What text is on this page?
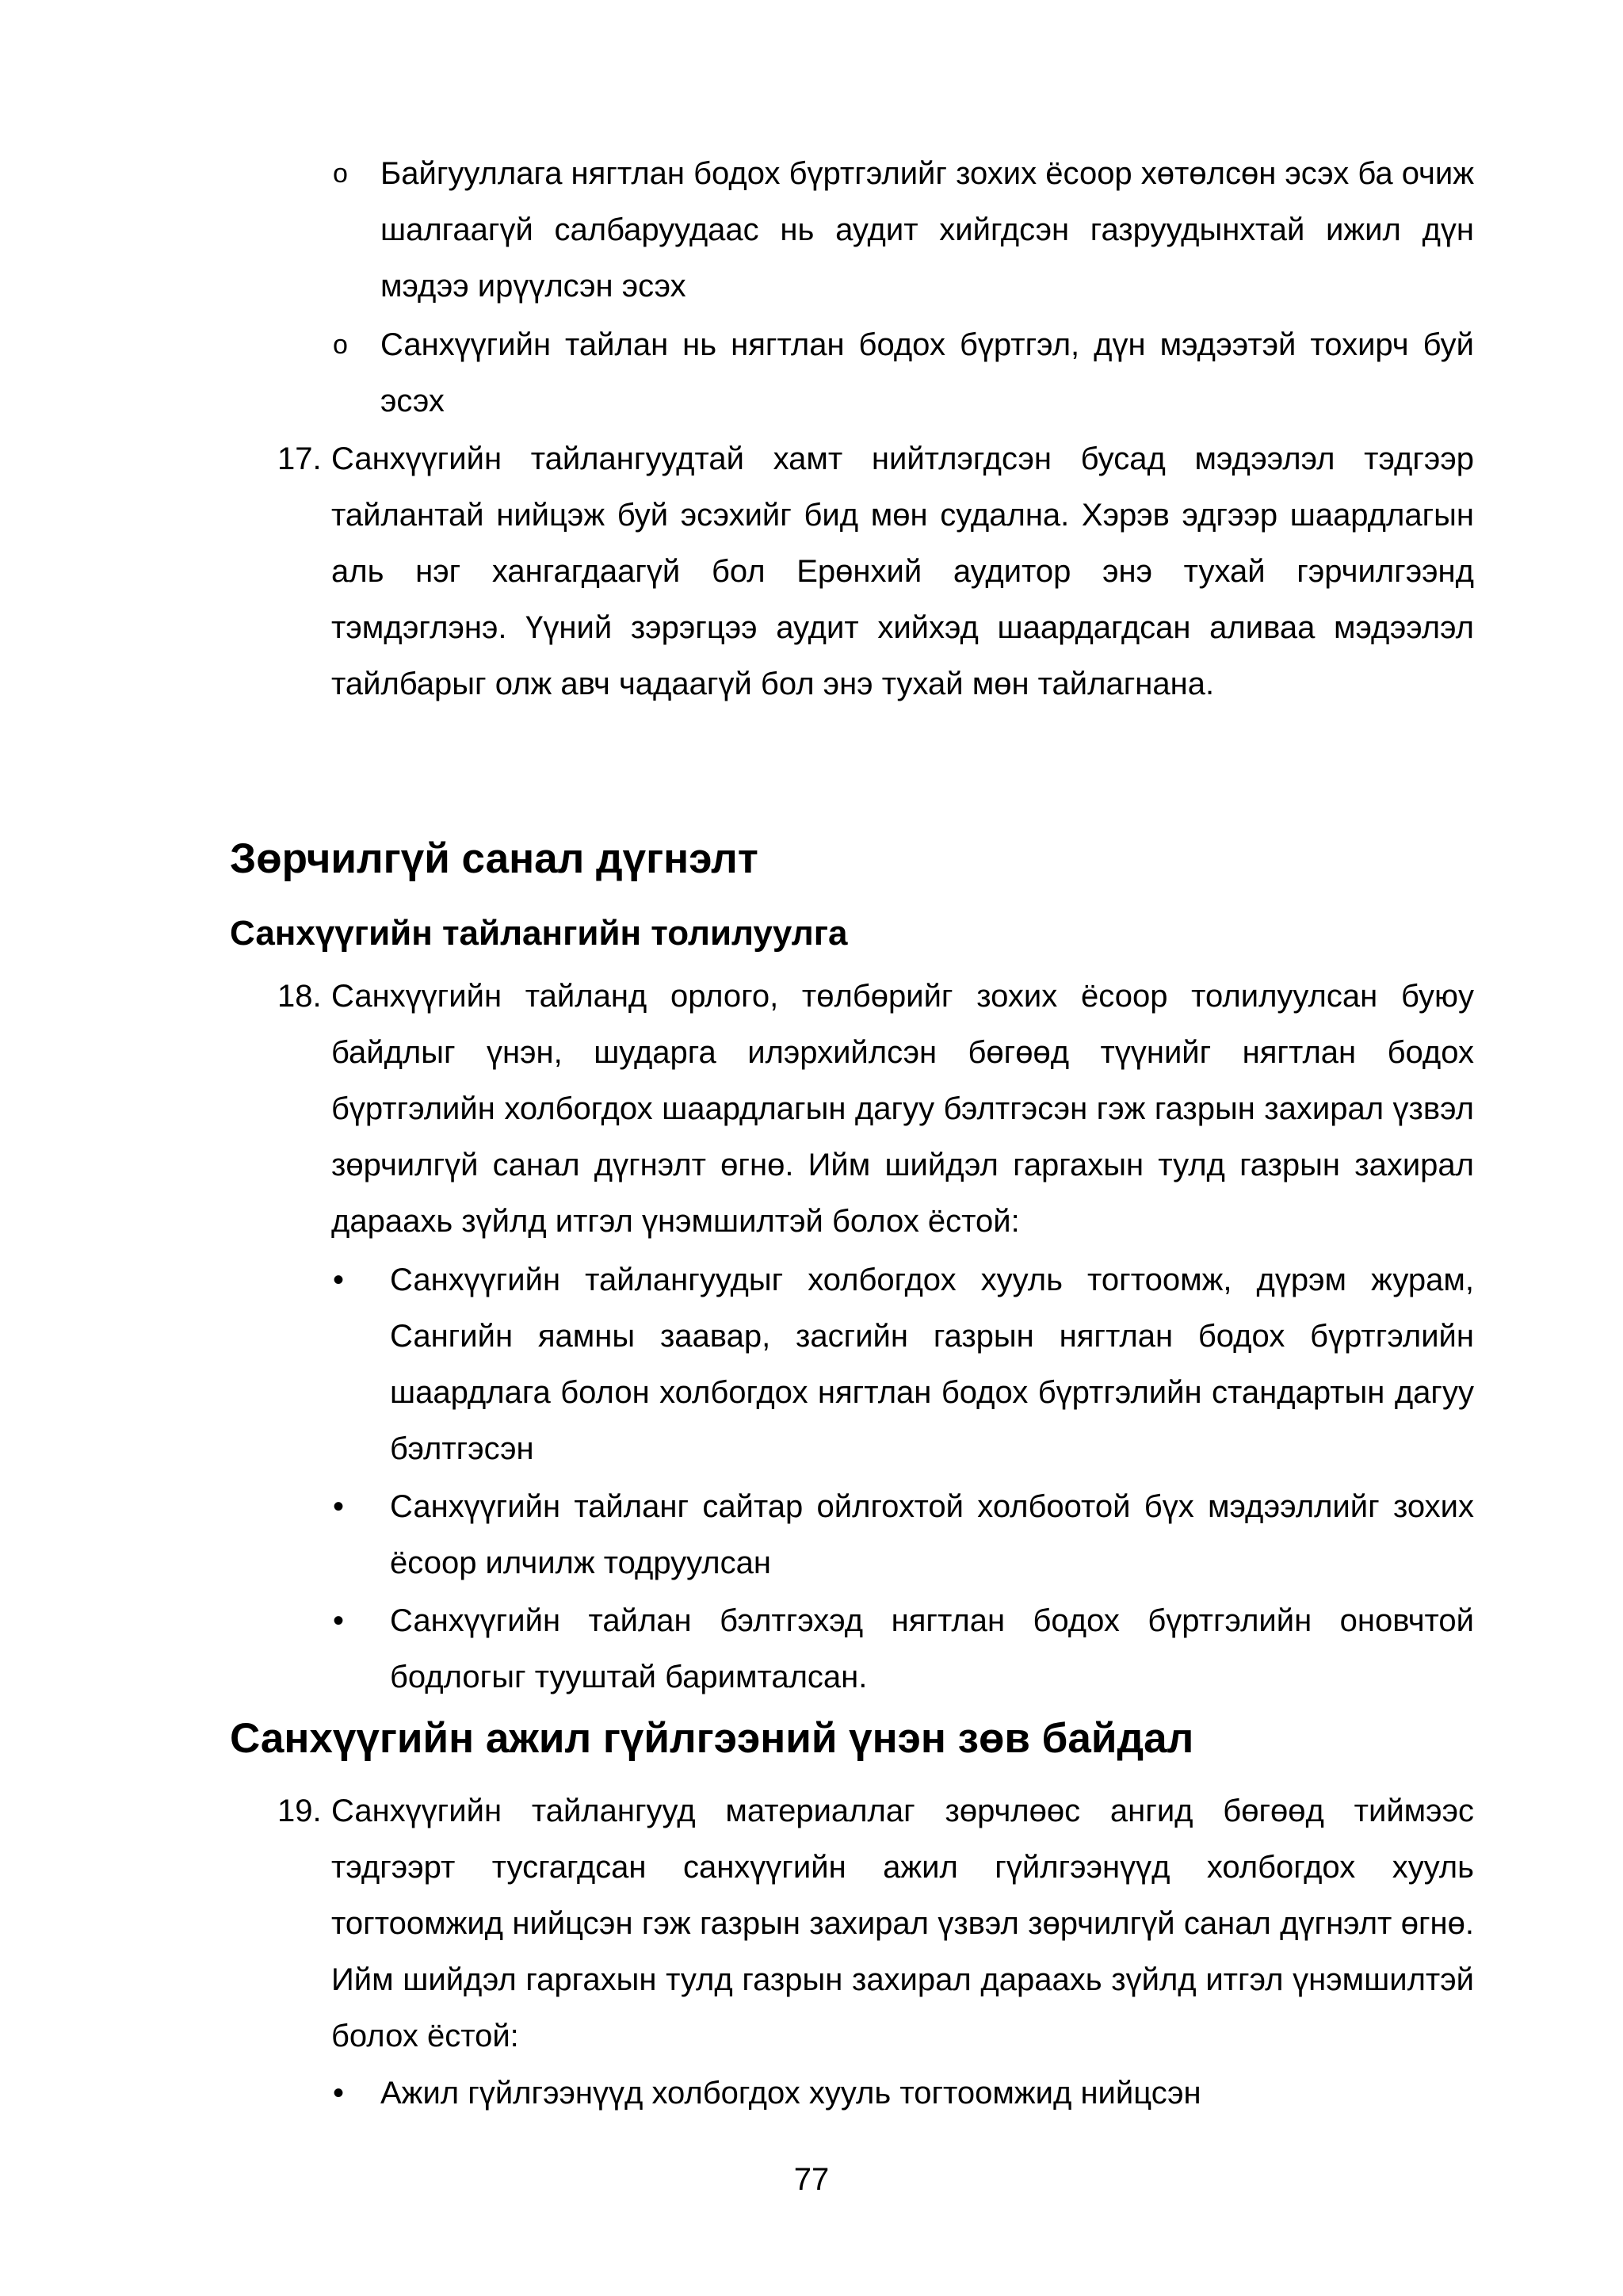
o Байгууллага нягтлан бодох бүртгэлийг зохих ёсоор хөтөлсөн эсэх ба очиж шалгаагүй салбаруудаас нь аудит хийгдсэн газруудынхтай ижил дүн мэдээ ирүүлсэн эсэх
o Санхүүгийн тайлан нь нягтлан бодох бүртгэл, дүн мэдээтэй тохирч буй эсэх
17. Санхүүгийн тайлангуудтай хамт нийтлэгдсэн бусад мэдээлэл тэдгээр тайлантай нийцэж буй эсэхийг бид мөн судална. Хэрэв эдгээр шаардлагын аль нэг хангагдаагүй бол Ерөнхий аудитор энэ тухай гэрчилгээнд тэмдэглэнэ. Үүний зэрэгцээ аудит хийхэд шаардагдсан аливаа мэдээлэл тайлбарыг олж авч чадаагүй бол энэ тухай мөн тайлагнана.
Зөрчилгүй санал дүгнэлт
Санхүүгийн тайлангийн толилуулга
18. Санхүүгийн тайланд орлого, төлбөрийг зохих ёсоор толилуулсан буюу байдлыг үнэн, шударга илэрхийлсэн бөгөөд түүнийг нягтлан бодох бүртгэлийн холбогдох шаардлагын дагуу бэлтгэсэн гэж газрын захирал үзвэл зөрчилгүй санал дүгнэлт өгнө. Ийм шийдэл гаргахын тулд газрын захирал дараахь зүйлд итгэл үнэмшилтэй болох ёстой:
• Санхүүгийн тайлангуудыг холбогдох хууль тогтоомж, дүрэм журам, Сангийн яамны заавар, засгийн газрын нягтлан бодох бүртгэлийн шаардлага болон холбогдох нягтлан бодох бүртгэлийн стандартын дагуу бэлтгэсэн
• Санхүүгийн тайланг сайтар ойлгохтой холбоотой бүх мэдээллийг зохих ёсоор илчилж тодруулсан
• Санхүүгийн тайлан бэлтгэхэд нягтлан бодох бүртгэлийн оновчтой бодлогыг тууштай баримталсан.
Санхүүгийн ажил гүйлгээний үнэн зөв байдал
19. Санхүүгийн тайлангууд материаллаг зөрчлөөс ангид бөгөөд тиймээс тэдгээрт тусгагдсан санхүүгийн ажил гүйлгээнүүд холбогдох хууль тогтоомжид нийцсэн гэж газрын захирал үзвэл зөрчилгүй санал дүгнэлт өгнө. Ийм шийдэл гаргахын тулд газрын захирал дараахь зүйлд итгэл үнэмшилтэй болох ёстой:
• Ажил гүйлгээнүүд холбогдох хууль тогтоомжид нийцсэн
77
